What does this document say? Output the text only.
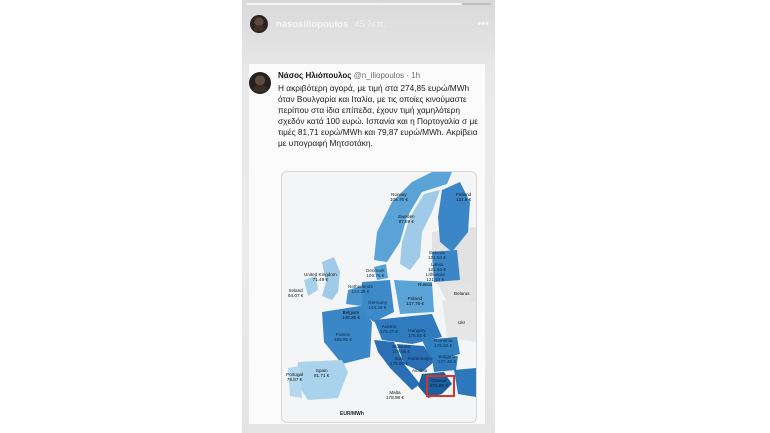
nasosiliopoulos 45 λεπ.	•••
Νάσος Ηλιόπουλος @n_iliopoulos · 1h
Η ακριβότερη αγορά, με τιμή στα 274,85 ευρώ/MWh όταν Βουλγαρία και Ιταλία, με τις οποίες κινούμαστε περίπου στα ίδια επίπεδα, έχουν τιμή χαμηλότερη σχεδόν κατά 100 ευρώ. Ισπανία και η Πορτογαλία σ με τιμές 81,71 ευρώ/MWh και 79,87 ευρώ/MWh. Ακρίβεια με υπογραφή Μητσοτάκη.
Norway
106.76 €
Finland
121.8 €
Sweden
97.89 €
Estonia
121.53 €
Latvia
121.53 €
Lithuania
121.53 €
Russia
Belarus
United Kingdom
71.49 €
Ireland
64.07 €
Denmark
106.76 €
Netherlands
144.26 €
Germany
144.26 €
Poland
137.78 €
Belgium
148.26 €
France
158.80 €
Austria
174.27 € Hungary
176.62 €
Slovenia
179.06 €
Romania
176.62 €
Italy
178.98 €
Montenegro Bulgaria
177.45 €
Albania
Greece
274.85 €
Portugal
79.87 €
Spain
81.71 €
Malta
178.98 €
Ukr
EUR/MWh
